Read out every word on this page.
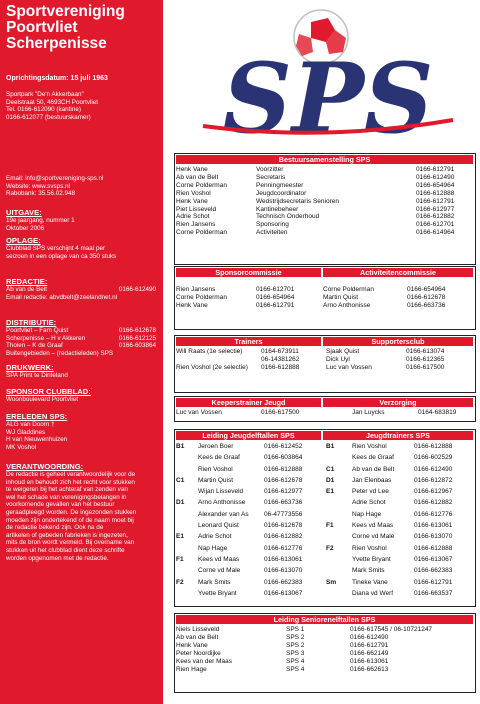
Sportvereniging
Poortvliet
Scherpenisse
Oprichtingsdatum: 15 juli 1963
Sportpark "De'n Akkerbaan"
Deelstraat 50, 4693CH Poortvliet
Tel. 0166-612090 (kantine)
0166-612077 (bestuurskamer)
Email: info@sportvereniging-sps.nl
Website: www.svsps.nl
Rabobank: 35.56.02.948
UITGAVE:
19e jaargang, nummer 1
Oktober 2006
OPLAGE:
Clubblad SPS verschijnt 4 maal per
seizoen in een oplage van ca 350 stuks
REDACTIE:
Ab van de Belt	0166-612490
Email redactie: abvdbelt@zeelandnet.nl
DISTRIBUTIE:
Poortvliet – Fam Quist	0166-612678
Scherpenisse – H v Akkeren	0166-612125
Tholen – K de Graaf	0166-603864
Buitengebieden – (redactieleden) SPS
DRUKWERK:
SPA Print te Dinteland
SPONSOR CLUBBLAD:
Woonboulevard Poortvliet
ERELEDEN SPS:
ALG van Doorn †
WJ Gladdines
H van Nieuwenhuizen
MK Voshol
VERANTWOORDING:
De redactie is geheel verantwoordelijk voor de
inhoud en behoudt zich het recht voor stukken
te weigeren bij het achteraf van zenden van
wel het schade van verenigingsbelangen in
voorkomende gevallen van het bestuur
geraadpleegd worden. De ingezonden stukken
moeden zijn ondertekend of de naam moet bij
de redactie bekend zijn. Ook na de
artikelen of gebeden fabrieken is ingezeten,
mits de bron wordt vermeld. Bij overname van
stukken uit het clubblad dient deze schrifte
worden opgenomen met de redactie.
SPS
Bestuursamenstelling SPS
Henk Vane	Voorzitter	0166-612791
Ab van de Belt	Secretaris	0166-612490
Corne Polderman	Penningmeester	0166-654964
Rien Voshol	Jeugdcoordinator	0166-612888
Henk Vane	Wedstrijdsecretaris Senioren	0166-612791
Piet Lisseveld	Kantinebeheer	0166-612977
Adrie Schot	Technisch Onderhoud	0166-612882
Rien Jansens	Sponsoring	0166-612701
Corne Polderman	Activiteiten	0166-614964
Sponsorcommissie	Activiteitencommissie
Rien Jansens	0166-612701
Corne Polderman	0166-654964
Henk Vane	0166-612791
Corne Polderman	0166-654964
Martin Quist	0166-612678
Arno Anthonisse	0166-663736
Trainers	Supportersclub
Will Raats (1e selectie)	0164-673911
06-14381262
Rien Voshol (2e selectie)	0166-612888
Sjaak Quist	0166-613074
Dick Uyl	0166-612365
Luc van Vossen	0166-617500
Keeperstrainer Jeugd	Verzorging
Luc van Vossen	0166-617500	Jan Luycks	0164-683819
Leiding Jeugdelftallen SPS	Jeugdtrainers SPS
B1	Jeroen Boer	0166-612452
Kees de Graaf	0166-603864
Rien Voshol	0166-612888
C1	Martin Quist	0166-612678
Wijan Lisseveld	0166-612977
D1	Arno Anthonisse	0166-663736
Alexander van As	06-47773556
Leonard Quist	0166-612678
E1	Adrie Schot	0166-612882
Nap Hage	0166-612776
F1	Kees vd Maas	0166-613061
Corne vd Male	0166-613070
F2	Mark Smits	0166-662383
Yvette Bryant	0166-613067
B1	Rien Voshol	0166-612888
Kees de Graaf	0166-602529
C1	Ab van de Belt	0166-612490
D1	Jan Elenbaas	0166-612872
E1	Peter vd Lee	0166-612967
Adrie Schot	0166-612882
Nap Hage	0166-612776
F1	Kees vd Maas	0166-613061
Corne vd Male	0166-613070
F2	Rien Voshol	0166-612888
Yvette Bryant	0166-613067
Mark Smits	0166-662383
Sm	Tineke Vane	0166-612791
Diana vd Werf	0166-663537
Leiding Seniorenelftallen SPS
Niels Lisseveld	SPS 1	0166-617545 / 06-10721247
Ab van de Belt	SPS 2	0166-612490
Henk Vane	SPS 2	0166-612791
Peter Noordijke	SPS 3	0166-662149
Kees van der Maas	SPS 4	0166-613061
Rien Hage	SPS 4	0166-662613
